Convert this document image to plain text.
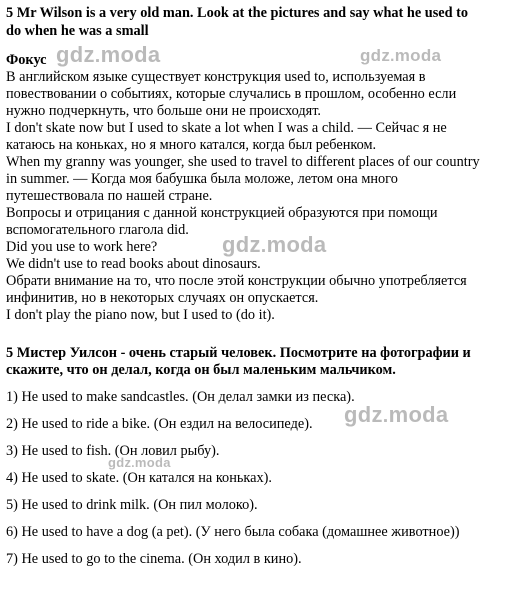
5 Mr Wilson is a very old man. Look at the pictures and say what he used to
do when he was a small
Фокус
В английском языке существует конструкция used to, используемая в
повествовании о событиях, которые случались в прошлом, особенно если
нужно подчеркнуть, что больше они не происходят.
I don't skate now but I used to skate a lot when I was a child. — Сейчас я не
катаюсь на коньках, но я много катался, когда был ребенком.
When my granny was younger, she used to travel to different places of our country
in summer. — Когда моя бабушка была моложе, летом она много
путешествовала по нашей стране.
Вопросы и отрицания с данной конструкцией образуются при помощи
вспомогательного глагола did.
Did you use to work here?
We didn't use to read books about dinosaurs.
Обрати внимание на то, что после этой конструкции обычно употребляется
инфинитив, но в некоторых случаях он опускается.
I don't play the piano now, but I used to (do it).
5 Мистер Уилсон - очень старый человек. Посмотрите на фотографии и
скажите, что он делал, когда он был маленьким мальчиком.
1) He used to make sandcastles. (Он делал замки из песка).
2) He used to ride a bike. (Он ездил на велосипеде).
3) He used to fish. (Он ловил рыбу).
4) He used to skate. (Он катался на коньках).
5) He used to drink milk. (Он пил молоко).
6) He used to have a dog (a pet). (У него была собака (домашнее животное))
7) He used to go to the cinema. (Он ходил в кино).
gdz.moda	gdz.moda
gdz.moda
gdz.moda
gdz.moda
